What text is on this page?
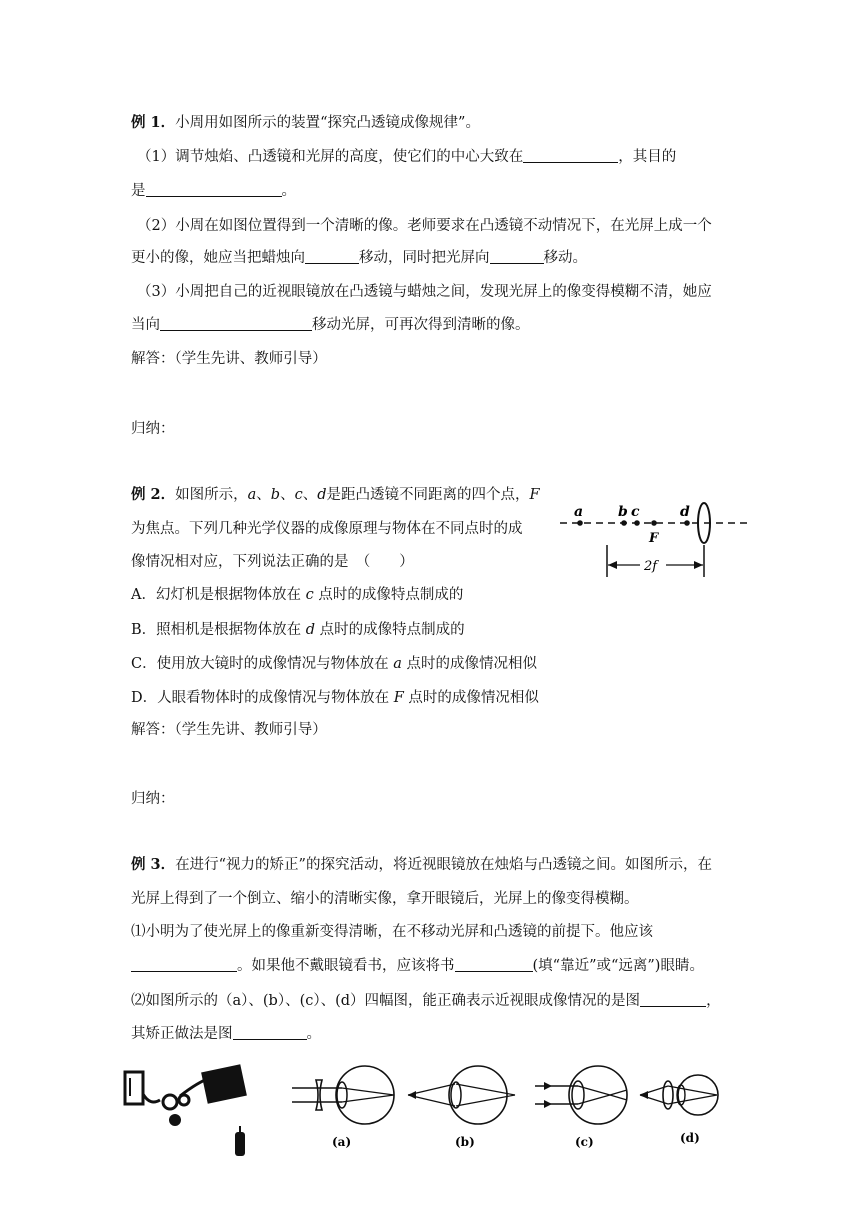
例 1．小周用如图所示的装置“探究凸透镜成像规律”。
（1）调节烛焰、凸透镜和光屏的高度，使它们的中心大致在	，其目的
是	。
（2）小周在如图位置得到一个清晰的像。老师要求在凸透镜不动情况下，在光屏上成一个
更小的像，她应当把蜡烛向	移动，同时把光屏向	移动。
（3）小周把自己的近视眼镜放在凸透镜与蜡烛之间，发现光屏上的像变得模糊不清，她应
当向	移动光屏，可再次得到清晰的像。
解答：（学生先讲、教师引导）
归纳：
例 2．如图所示，a、b、c、d是距凸透镜不同距离的四个点，F
为焦点。下列几种光学仪器的成像原理与物体在不同点时的成
像情况相对应，下列说法正确的是　（　　）
A．幻灯机是根据物体放在 c 点时的成像特点制成的
B．照相机是根据物体放在 d 点时的成像特点制成的
C．使用放大镜时的成像情况与物体放在 a 点时的成像情况相似
D．人眼看物体时的成像情况与物体放在 F 点时的成像情况相似
解答：（学生先讲、教师引导）
归纳：
a b c	d
F
2f
例 3．在进行“视力的矫正”的探究活动，将近视眼镜放在烛焰与凸透镜之间。如图所示，在
光屏上得到了一个倒立、缩小的清晰实像，拿开眼镜后，光屏上的像变得模糊。
⑴小明为了使光屏上的像重新变得清晰，在不移动光屏和凸透镜的前提下。他应该
。如果他不戴眼镜看书，应该将书	(填“靠近”或“远离”)眼睛。
⑵如图所示的（a）、(b）、(c）、(d）四幅图，能正确表示近视眼成像情况的是图	，
其矫正做法是图	。
(a)	(b)	(c)	(d)
